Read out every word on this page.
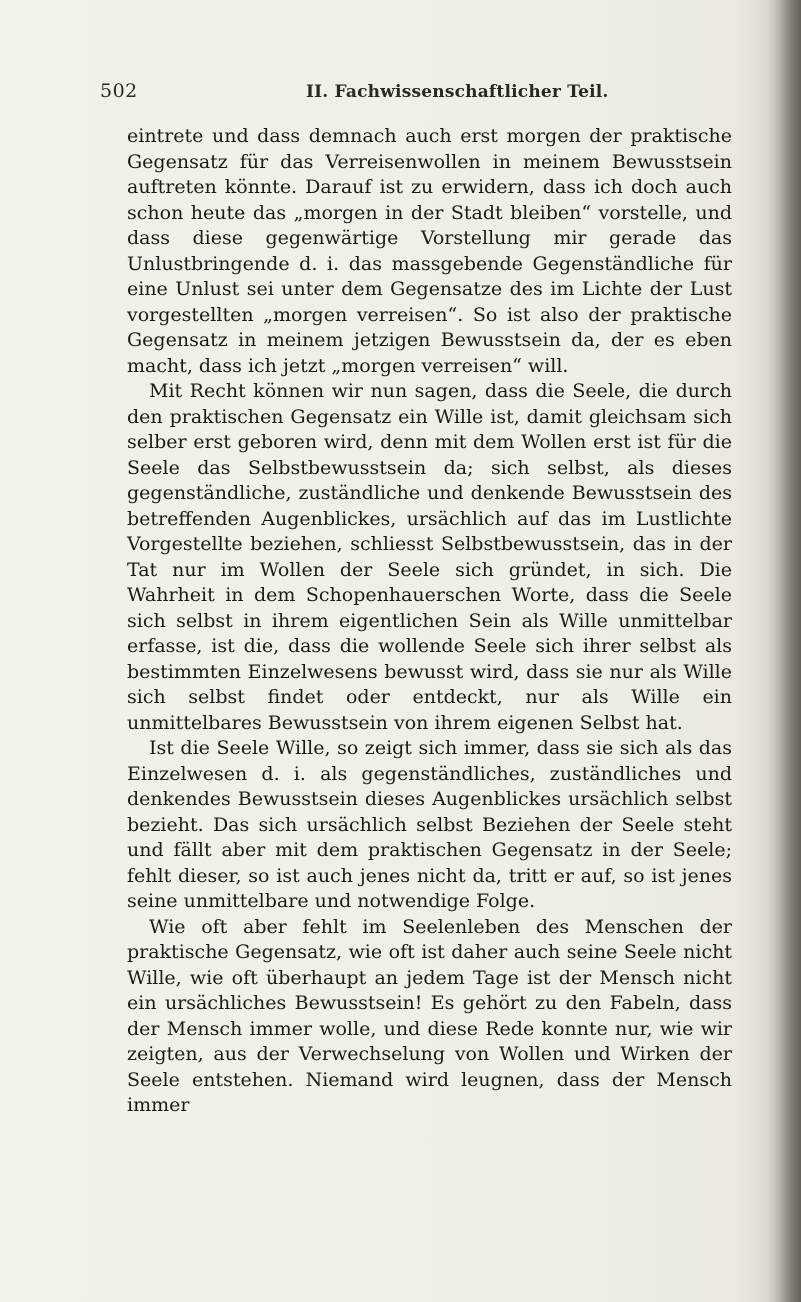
502	II. Fachwissenschaftlicher Teil.

eintrete und dass demnach auch erst morgen der praktische Gegensatz für das Verreisenwollen in meinem Bewusstsein auftreten könnte. Darauf ist zu erwidern, dass ich doch auch schon heute das „morgen in der Stadt bleiben“ vorstelle, und dass diese gegenwärtige Vorstellung mir gerade das Unlustbringende d. i. das massgebende Gegenständliche für eine Unlust sei unter dem Gegensatze des im Lichte der Lust vorgestellten „morgen verreisen“. So ist also der praktische Gegensatz in meinem jetzigen Bewusstsein da, der es eben macht, dass ich jetzt „morgen verreisen“ will.

Mit Recht können wir nun sagen, dass die Seele, die durch den praktischen Gegensatz ein Wille ist, damit gleichsam sich selber erst geboren wird, denn mit dem Wollen erst ist für die Seele das Selbstbewusstsein da; sich selbst, als dieses gegenständliche, zuständliche und denkende Bewusstsein des betreffenden Augenblickes, ursächlich auf das im Lustlichte Vorgestellte beziehen, schliesst Selbstbewusstsein, das in der Tat nur im Wollen der Seele sich gründet, in sich. Die Wahrheit in dem Schopenhauerschen Worte, dass die Seele sich selbst in ihrem eigentlichen Sein als Wille unmittelbar erfasse, ist die, dass die wollende Seele sich ihrer selbst als bestimmten Einzelwesens bewusst wird, dass sie nur als Wille sich selbst findet oder entdeckt, nur als Wille ein unmittelbares Bewusstsein von ihrem eigenen Selbst hat.

Ist die Seele Wille, so zeigt sich immer, dass sie sich als das Einzelwesen d. i. als gegenständliches, zuständliches und denkendes Bewusstsein dieses Augenblickes ursächlich selbst bezieht. Das sich ursächlich selbst Beziehen der Seele steht und fällt aber mit dem praktischen Gegensatz in der Seele; fehlt dieser, so ist auch jenes nicht da, tritt er auf, so ist jenes seine unmittelbare und notwendige Folge.

Wie oft aber fehlt im Seelenleben des Menschen der praktische Gegensatz, wie oft ist daher auch seine Seele nicht Wille, wie oft überhaupt an jedem Tage ist der Mensch nicht ein ursächliches Bewusstsein! Es gehört zu den Fabeln, dass der Mensch immer wolle, und diese Rede konnte nur, wie wir zeigten, aus der Verwechselung von Wollen und Wirken der Seele entstehen. Niemand wird leugnen, dass der Mensch immer
